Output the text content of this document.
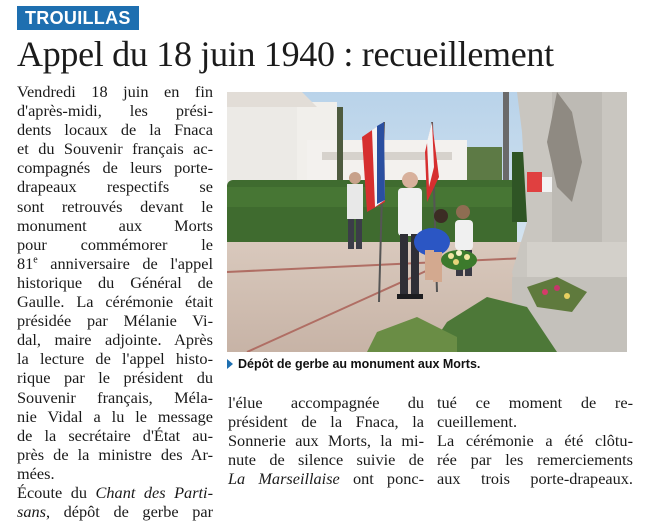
TROUILLAS
Appel du 18 juin 1940 : recueillement
Vendredi 18 juin en fin
d'après-midi, les prési-
dents locaux de la Fnaca
et du Souvenir français ac-
compagnés de leurs porte-
drapeaux respectifs se
sont retrouvés devant le
monument aux Morts
pour commémorer le
81e anniversaire de l'appel
historique du Général de
Gaulle. La cérémonie était
présidée par Mélanie Vi-
dal, maire adjointe. Après
la lecture de l'appel histo-
rique par le président du
Souvenir français, Méla-
nie Vidal a lu le message
de la secrétaire d'État au-
près de la ministre des Ar-
mées.
Écoute du Chant des Parti-
sans, dépôt de gerbe par
Dépôt de gerbe au monument aux Morts.
l'élue accompagnée du
président de la Fnaca, la
Sonnerie aux Morts, la mi-
nute de silence suivie de
La Marseillaise ont ponc-
tué ce moment de re-
cueillement.
La cérémonie a été clôtu-
rée par les remerciements
aux trois porte-drapeaux.
